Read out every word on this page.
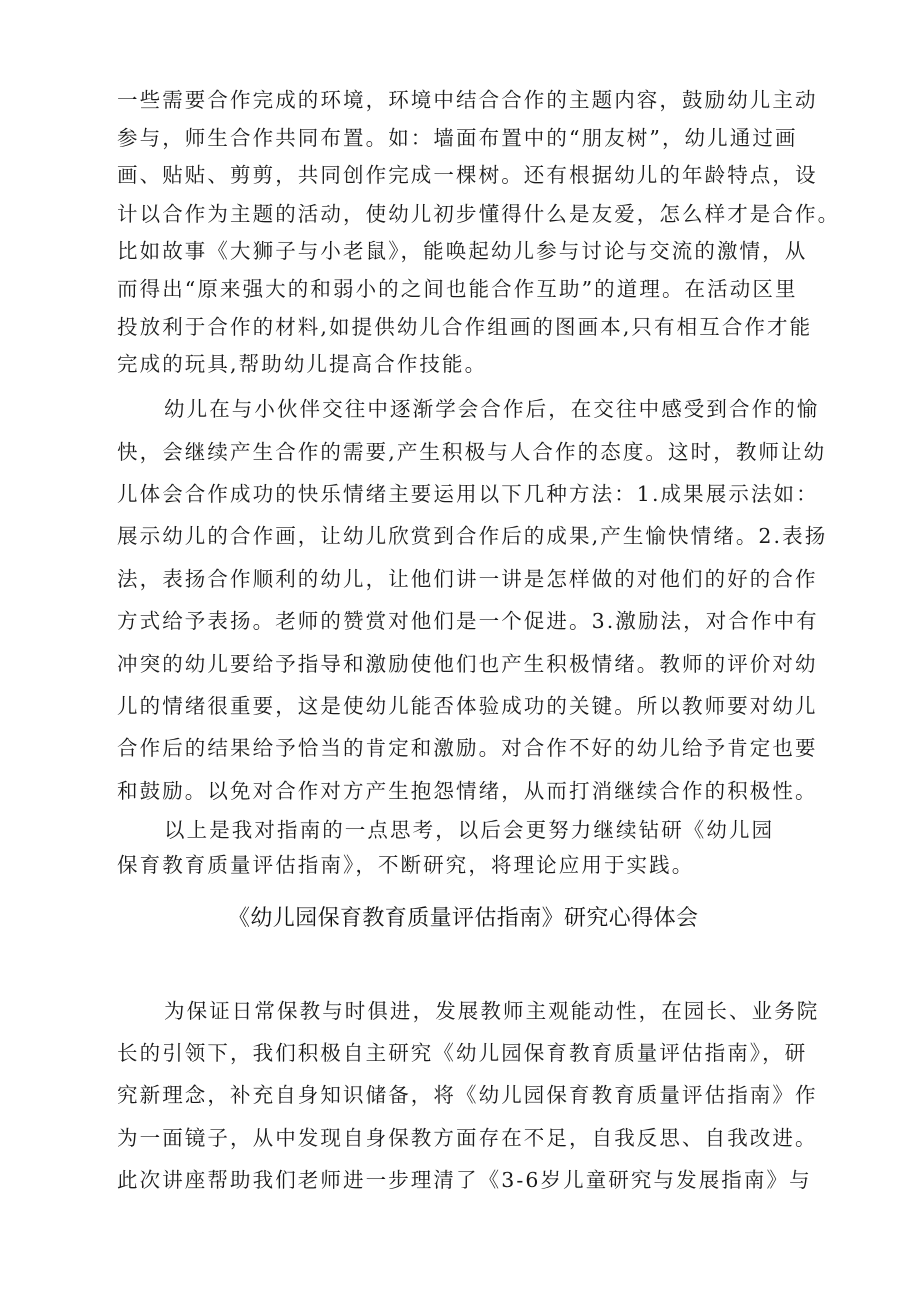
一些需要合作完成的环境，环境中结合合作的主题内容，鼓励幼儿主动
参与，师生合作共同布置。如：墙面布置中的“朋友树”，幼儿通过画
画、贴贴、剪剪，共同创作完成一棵树。还有根据幼儿的年龄特点，设
计以合作为主题的活动，使幼儿初步懂得什么是友爱，怎么样才是合作。
比如故事《大狮子与小老鼠》，能唤起幼儿参与讨论与交流的激情，从
而得出“原来强大的和弱小的之间也能合作互助”的道理。在活动区里
投放利于合作的材料,如提供幼儿合作组画的图画本,只有相互合作才能
完成的玩具,帮助幼儿提高合作技能。
幼儿在与小伙伴交往中逐渐学会合作后，在交往中感受到合作的愉
快，会继续产生合作的需要,产生积极与人合作的态度。这时，教师让幼
儿体会合作成功的快乐情绪主要运用以下几种方法：1.成果展示法如：
展示幼儿的合作画，让幼儿欣赏到合作后的成果,产生愉快情绪。2.表扬
法，表扬合作顺利的幼儿，让他们讲一讲是怎样做的对他们的好的合作
方式给予表扬。老师的赞赏对他们是一个促进。3.激励法，对合作中有
冲突的幼儿要给予指导和激励使他们也产生积极情绪。教师的评价对幼
儿的情绪很重要，这是使幼儿能否体验成功的关键。所以教师要对幼儿
合作后的结果给予恰当的肯定和激励。对合作不好的幼儿给予肯定也要
和鼓励。以免对合作对方产生抱怨情绪，从而打消继续合作的积极性。
以上是我对指南的一点思考，以后会更努力继续钻研《幼儿园
保育教育质量评估指南》，不断研究，将理论应用于实践。
《幼儿园保育教育质量评估指南》研究心得体会
为保证日常保教与时俱进，发展教师主观能动性，在园长、业务院
长的引领下，我们积极自主研究《幼儿园保育教育质量评估指南》，研
究新理念，补充自身知识储备，将《幼儿园保育教育质量评估指南》作
为一面镜子，从中发现自身保教方面存在不足，自我反思、自我改进。
此次讲座帮助我们老师进一步理清了《3-6岁儿童研究与发展指南》与
